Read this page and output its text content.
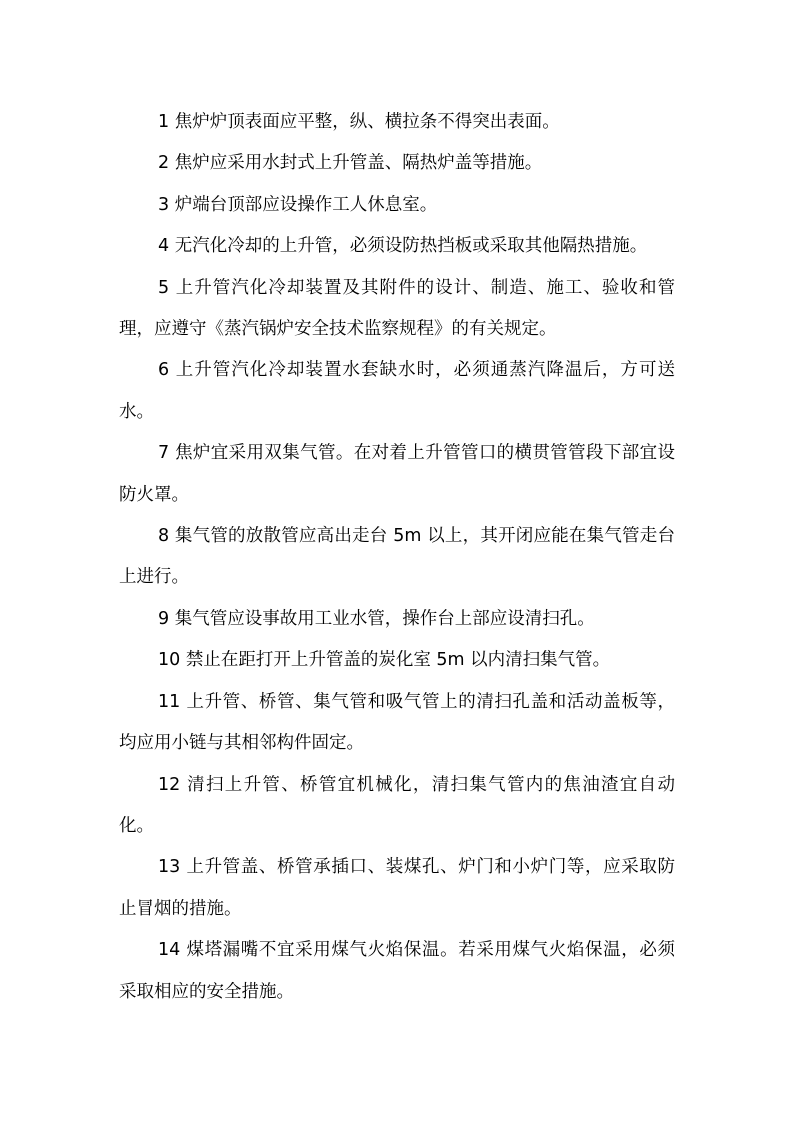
1 焦炉炉顶表面应平整，纵、横拉条不得突出表面。

2 焦炉应采用水封式上升管盖、隔热炉盖等措施。

3 炉端台顶部应设操作工人休息室。

4 无汽化冷却的上升管，必须设防热挡板或采取其他隔热措施。

5 上升管汽化冷却装置及其附件的设计、制造、施工、验收和管理，应遵守《蒸汽锅炉安全技术监察规程》的有关规定。

6 上升管汽化冷却装置水套缺水时，必须通蒸汽降温后，方可送水。

7 焦炉宜采用双集气管。在对着上升管管口的横贯管管段下部宜设防火罩。

8 集气管的放散管应高出走台 5m 以上，其开闭应能在集气管走台上进行。

9 集气管应设事故用工业水管，操作台上部应设清扫孔。

10 禁止在距打开上升管盖的炭化室 5m 以内清扫集气管。

11 上升管、桥管、集气管和吸气管上的清扫孔盖和活动盖板等，均应用小链与其相邻构件固定。

12 清扫上升管、桥管宜机械化，清扫集气管内的焦油渣宜自动化。

13 上升管盖、桥管承插口、装煤孔、炉门和小炉门等，应采取防止冒烟的措施。

14 煤塔漏嘴不宜采用煤气火焰保温。若采用煤气火焰保温，必须采取相应的安全措施。
